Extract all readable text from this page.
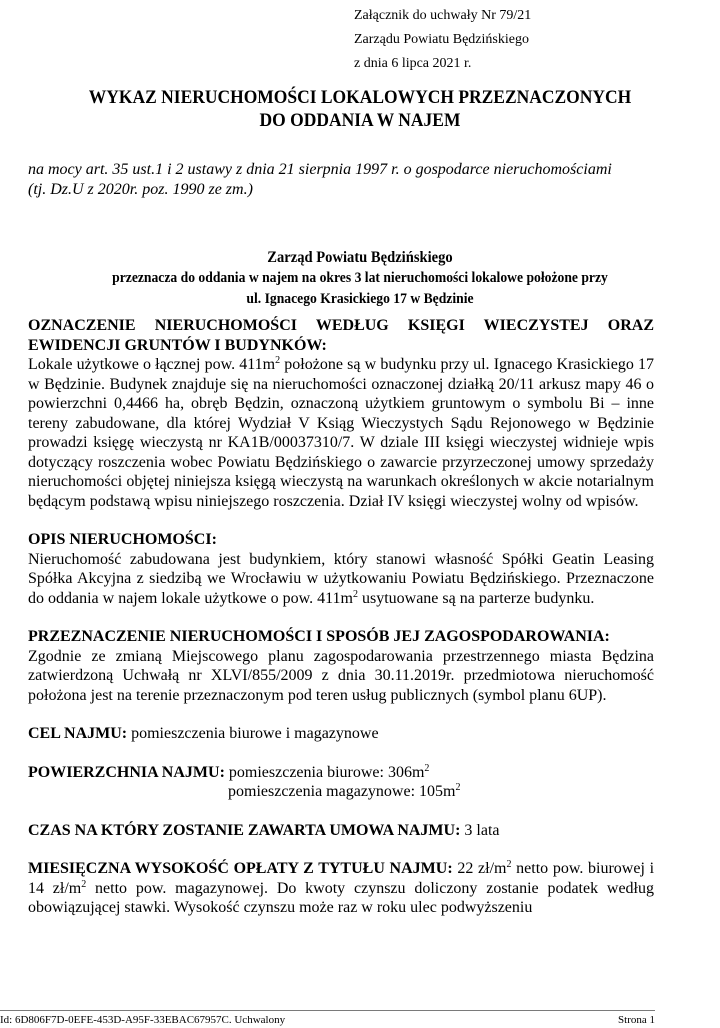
Załącznik do uchwały Nr 79/21
Zarządu Powiatu Będzińskiego
z dnia 6 lipca 2021 r.
WYKAZ NIERUCHOMOŚCI LOKALOWYCH PRZEZNACZONYCH
DO ODDANIA W NAJEM
na mocy art. 35 ust.1 i 2 ustawy z dnia 21 sierpnia 1997 r. o gospodarce nieruchomościami
(tj. Dz.U z 2020r. poz. 1990 ze zm.)
Zarząd Powiatu Będzińskiego
przeznacza do oddania w najem na okres 3 lat nieruchomości lokalowe położone przy
ul. Ignacego Krasickiego 17 w Będzinie
OZNACZENIE NIERUCHOMOŚCI WEDŁUG KSIĘGI WIECZYSTEJ ORAZ EWIDENCJI GRUNTÓW I BUDYNKÓW:

Lokale użytkowe o łącznej pow. $411m^2$ położone są w budynku przy ul. Ignacego Krasickiego 17 w Będzinie. Budynek znajduje się na nieruchomości oznaczonej działką 20/11 arkusz mapy 46 o powierzchni 0,4466 ha, obręb Będzin, oznaczoną użytkiem gruntowym o symbolu Bi – inne tereny zabudowane, dla której Wydział V Ksiąg Wieczystych Sądu Rejonowego w Będzinie prowadzi księgę wieczystą nr KA1B/00037310/7. W dziale III księgi wieczystej widnieje wpis dotyczący roszczenia wobec Powiatu Będzińskiego o zawarcie przyrzeczonej umowy sprzedaży nieruchomości objętej niniejsza księgą wieczystą na warunkach określonych w akcie notarialnym będącym podstawą wpisu niniejszego roszczenia. Dział IV księgi wieczystej wolny od wpisów.

OPIS NIERUCHOMOŚCI:

Nieruchomość zabudowana jest budynkiem, który stanowi własność Spółki Geatin Leasing Spółka Akcyjna z siedzibą we Wrocławiu w użytkowaniu Powiatu Będzińskiego. Przeznaczone do oddania w najem lokale użytkowe o pow. $411m^2$ usytuowane są na parterze budynku.

PRZEZNACZENIE NIERUCHOMOŚCI I SPOSÓB JEJ ZAGOSPODAROWANIA:

Zgodnie ze zmianą Miejscowego planu zagospodarowania przestrzennego miasta Będzina zatwierdzoną Uchwałą nr XLVI/855/2009 z dnia 30.11.2019r. przedmiotowa nieruchomość położona jest na terenie przeznaczonym pod teren usług publicznych (symbol planu 6UP).

CEL NAJMU: pomieszczenia biurowe i magazynowe

POWIERZCHNIA NAJMU: pomieszczenia biurowe: $306m^2$

pomieszczenia magazynowe: $105m^2$

CZAS NA KTÓRY ZOSTANIE ZAWARTA UMOWA NAJMU: 3 lata

MIESIĘCZNA WYSOKOŚĆ OPŁATY Z TYTUŁU NAJMU: 22 $zł/m^2$ netto pow. biurowej i 14 $zł/m^2$ netto pow. magazynowej. Do kwoty czynszu doliczony zostanie podatek według obowiązującej stawki. Wysokość czynszu może raz w roku ulec podwyższeniu

Id: 6D806F7D-0EFE-453D-A95F-33EBAC67957C. Uchwalony	Strona 1
